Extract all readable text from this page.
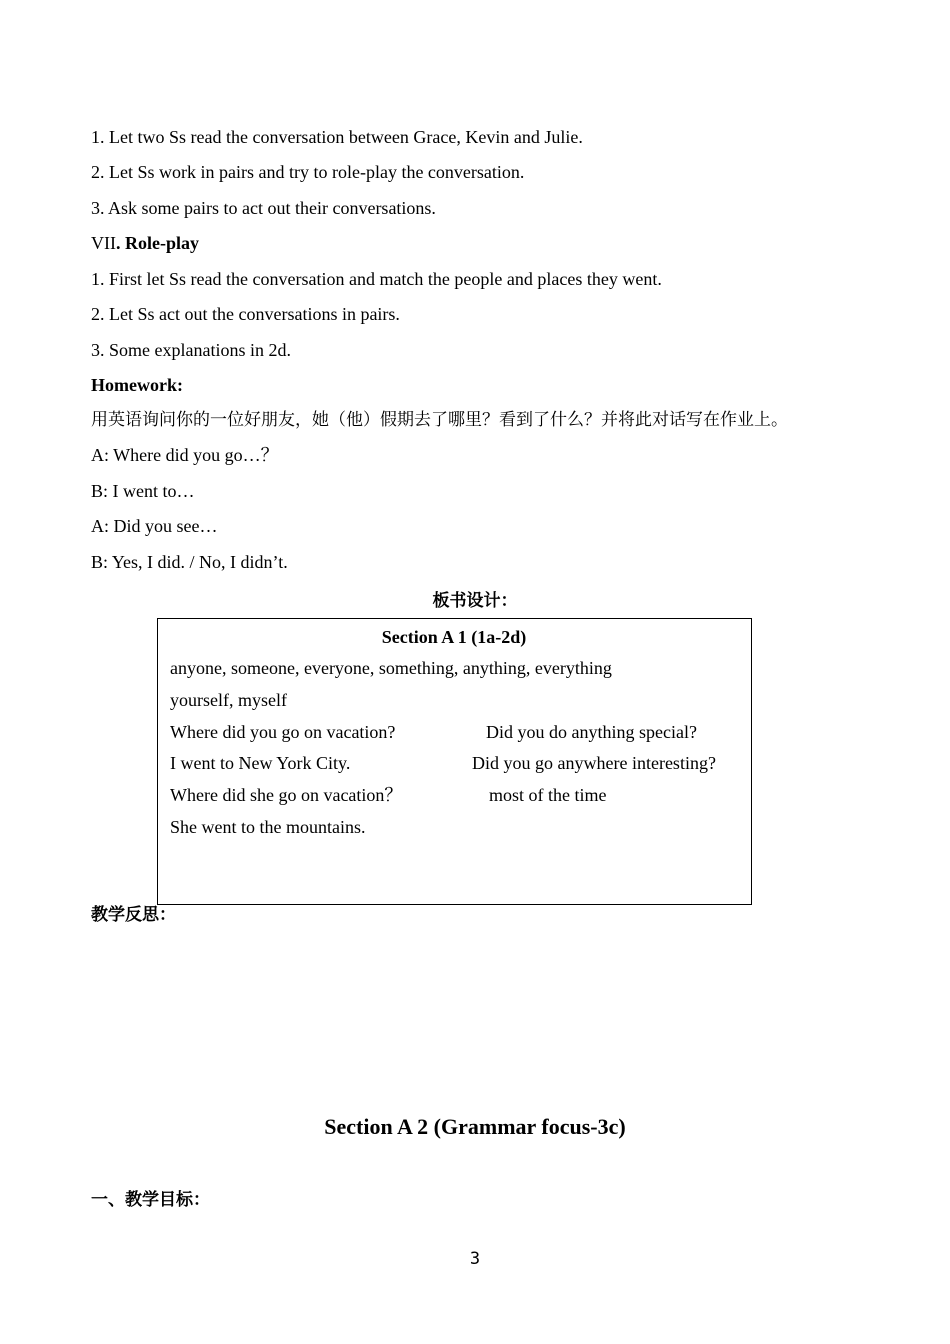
1. Let two Ss read the conversation between Grace, Kevin and Julie.
2. Let Ss work in pairs and try to role-play the conversation.
3. Ask some pairs to act out their conversations.
VII. Role-play
1. First let Ss read the conversation and match the people and places they went.
2. Let Ss act out the conversations in pairs.
3. Some explanations in 2d.
Homework:
用英语询问你的一位好朋友，她（他）假期去了哪里？看到了什么？并将此对话写在作业上。
A: Where did you go…？
B: I went to…
A: Did you see…
B: Yes, I did. / No, I didn’t.
板书设计：
Section A 1 (1a-2d)
anyone, someone, everyone, something, anything, everything
yourself, myself
Where did you go on vacation?	Did you do anything special?
I went to New York City.	Did you go anywhere interesting?
Where did she go on vacation？	most of the time
She went to the mountains.
教学反思：
Section A 2 (Grammar focus-3c)
一、教学目标：
3
